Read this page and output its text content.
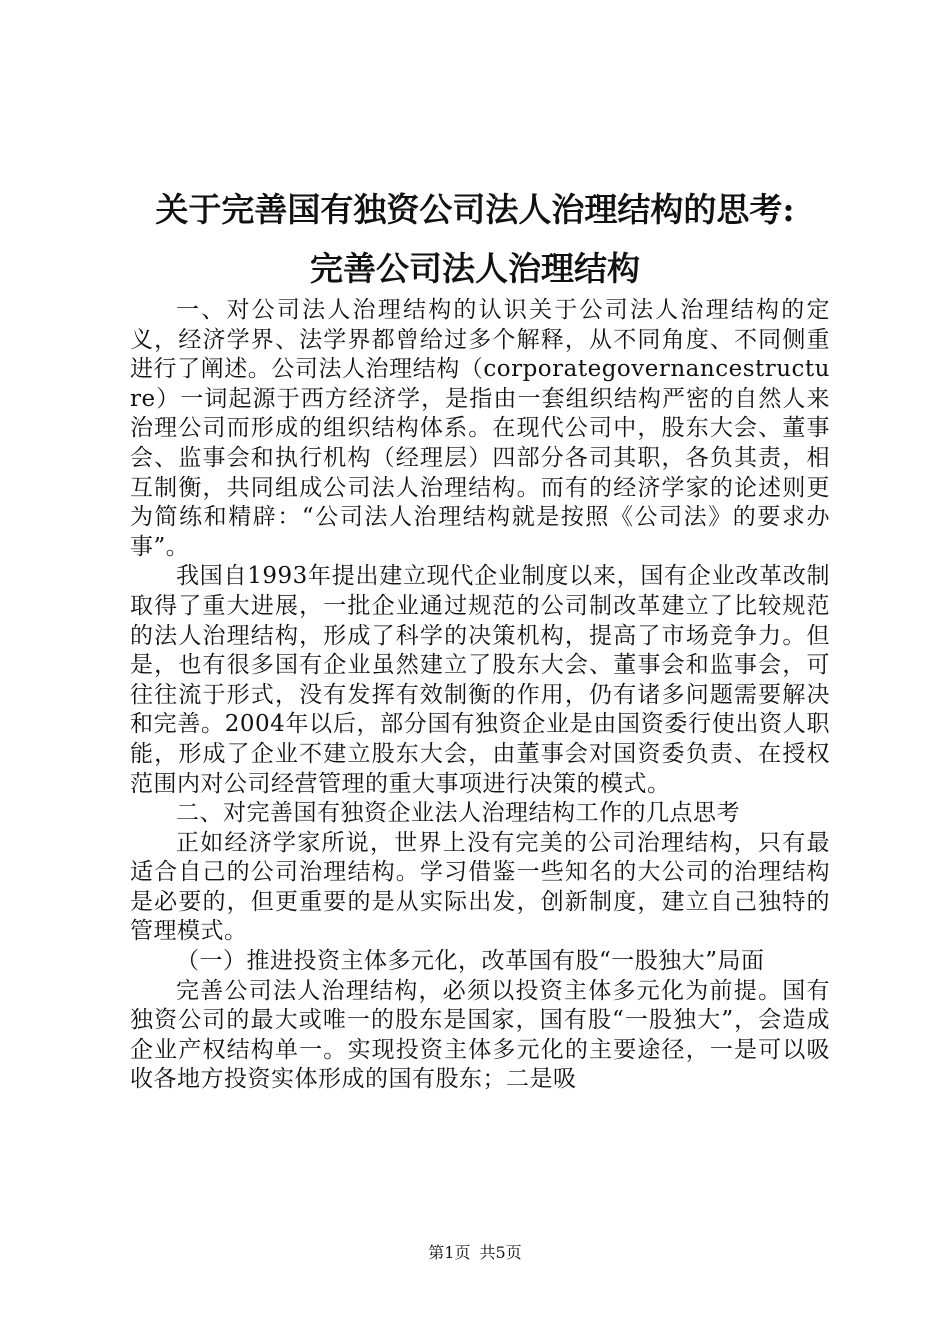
关于完善国有独资公司法人治理结构的思考:
完善公司法人治理结构

一、对公司法人治理结构的认识关于公司法人治理结构的定义，经济学界、法学界都曾给过多个解释，从不同角度、不同侧重进行了阐述。公司法人治理结构（corporategovernancestructure）一词起源于西方经济学，是指由一套组织结构严密的自然人来治理公司而形成的组织结构体系。在现代公司中，股东大会、董事会、监事会和执行机构（经理层）四部分各司其职，各负其责，相互制衡，共同组成公司法人治理结构。而有的经济学家的论述则更为简练和精辟：“公司法人治理结构就是按照《公司法》的要求办事”。

我国自1993年提出建立现代企业制度以来，国有企业改革改制取得了重大进展，一批企业通过规范的公司制改革建立了比较规范的法人治理结构，形成了科学的决策机构，提高了市场竞争力。但是，也有很多国有企业虽然建立了股东大会、董事会和监事会，可往往流于形式，没有发挥有效制衡的作用，仍有诸多问题需要解决和完善。2004年以后，部分国有独资企业是由国资委行使出资人职能，形成了企业不建立股东大会，由董事会对国资委负责、在授权范围内对公司经营管理的重大事项进行决策的模式。

二、对完善国有独资企业法人治理结构工作的几点思考

正如经济学家所说，世界上没有完美的公司治理结构，只有最适合自己的公司治理结构。学习借鉴一些知名的大公司的治理结构是必要的，但更重要的是从实际出发，创新制度，建立自己独特的管理模式。

（一）推进投资主体多元化，改革国有股“一股独大”局面

完善公司法人治理结构，必须以投资主体多元化为前提。国有独资公司的最大或唯一的股东是国家，国有股“一股独大”，会造成企业产权结构单一。实现投资主体多元化的主要途径，一是可以吸收各地方投资实体形成的国有股东；二是吸

第1页 共5页
